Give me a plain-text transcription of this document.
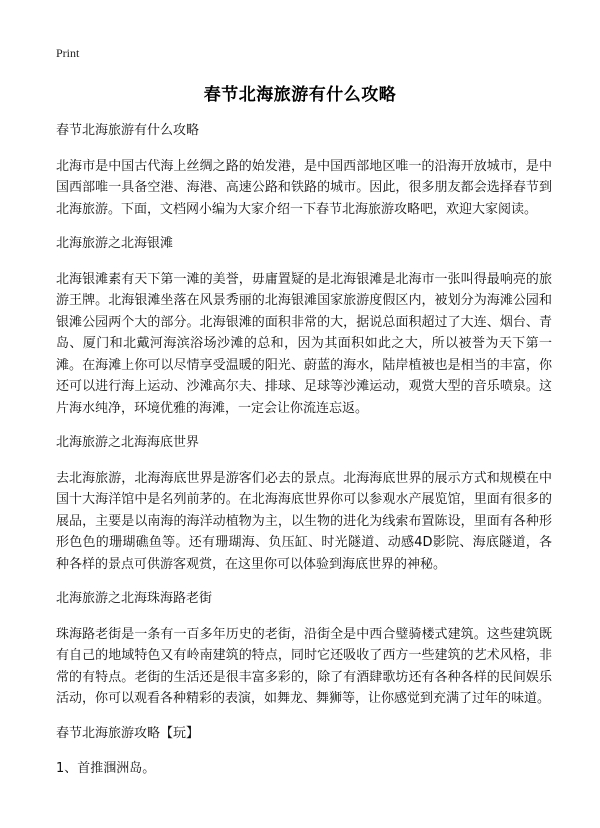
Print
春节北海旅游有什么攻略

春节北海旅游有什么攻略

北海市是中国古代海上丝绸之路的始发港，是中国西部地区唯一的沿海开放城市，是中国西部唯一具备空港、海港、高速公路和铁路的城市。因此，很多朋友都会选择春节到北海旅游。下面，文档网小编为大家介绍一下春节北海旅游攻略吧，欢迎大家阅读。

北海旅游之北海银滩

北海银滩素有天下第一滩的美誉，毋庸置疑的是北海银滩是北海市一张叫得最响亮的旅游王牌。北海银滩坐落在风景秀丽的北海银滩国家旅游度假区内，被划分为海滩公园和银滩公园两个大的部分。北海银滩的面积非常的大，据说总面积超过了大连、烟台、青岛、厦门和北戴河海滨浴场沙滩的总和，因为其面积如此之大，所以被誉为天下第一滩。在海滩上你可以尽情享受温暖的阳光、蔚蓝的海水，陆岸植被也是相当的丰富，你还可以进行海上运动、沙滩高尔夫、排球、足球等沙滩运动，观赏大型的音乐喷泉。这片海水纯净，环境优雅的海滩，一定会让你流连忘返。

北海旅游之北海海底世界

去北海旅游，北海海底世界是游客们必去的景点。北海海底世界的展示方式和规模在中国十大海洋馆中是名列前茅的。在北海海底世界你可以参观水产展览馆，里面有很多的展品，主要是以南海的海洋动植物为主，以生物的进化为线索布置陈设，里面有各种形形色色的珊瑚礁鱼等。还有珊瑚海、负压缸、时光隧道、动感4D影院、海底隧道，各种各样的景点可供游客观赏，在这里你可以体验到海底世界的神秘。

北海旅游之北海珠海路老街

珠海路老街是一条有一百多年历史的老街，沿街全是中西合璧骑楼式建筑。这些建筑既有自己的地域特色又有岭南建筑的特点，同时它还吸收了西方一些建筑的艺术风格，非常的有特点。老街的生活还是很丰富多彩的，除了有酒肆歌坊还有各种各样的民间娱乐活动，你可以观看各种精彩的表演，如舞龙、舞狮等，让你感觉到充满了过年的味道。

春节北海旅游攻略【玩】

1、首推涠洲岛。
